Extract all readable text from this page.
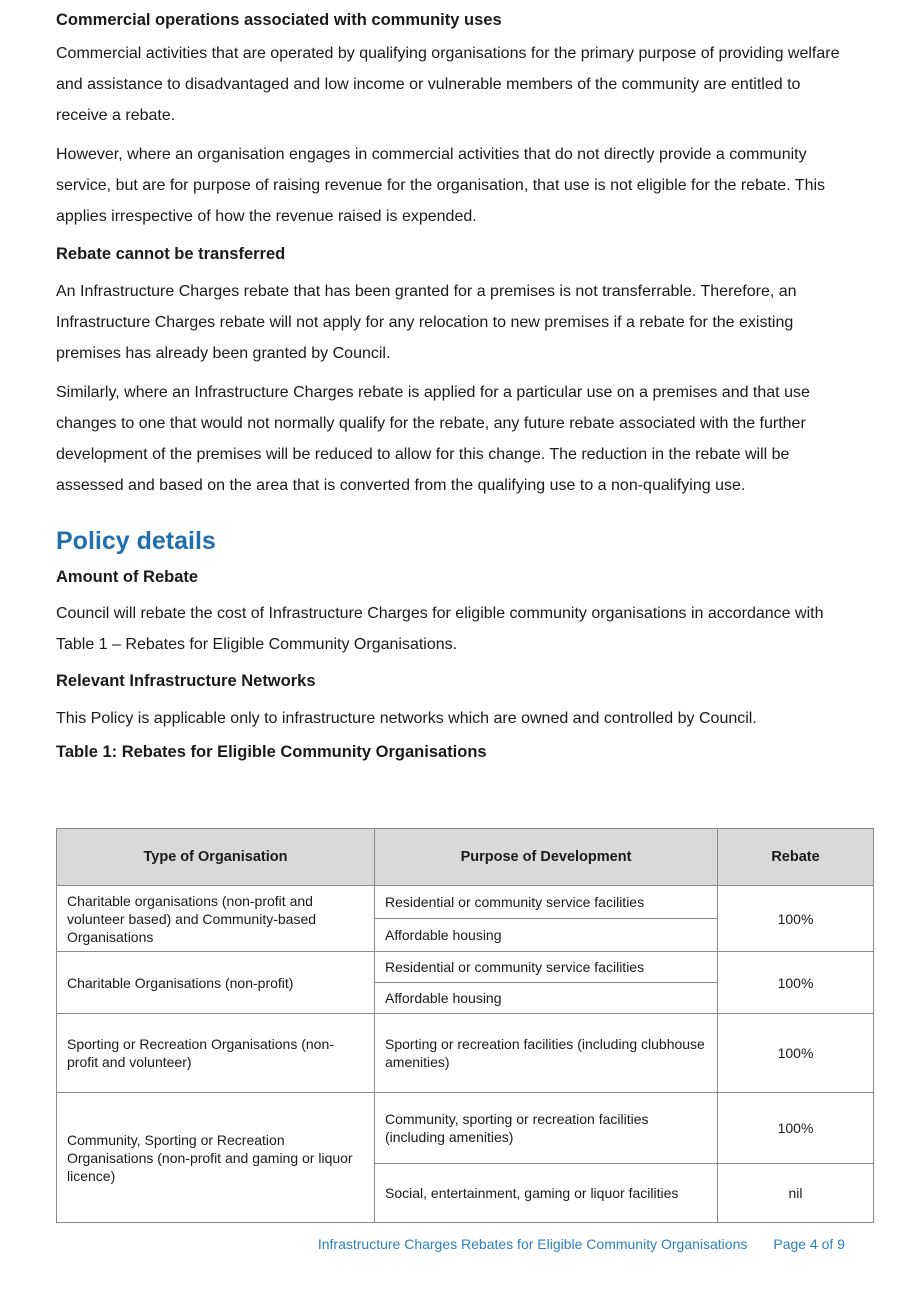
Commercial operations associated with community uses

Commercial activities that are operated by qualifying organisations for the primary purpose of providing welfare and assistance to disadvantaged and low income or vulnerable members of the community are entitled to receive a rebate.

However, where an organisation engages in commercial activities that do not directly provide a community service, but are for purpose of raising revenue for the organisation, that use is not eligible for the rebate. This applies irrespective of how the revenue raised is expended.

Rebate cannot be transferred

An Infrastructure Charges rebate that has been granted for a premises is not transferrable. Therefore, an Infrastructure Charges rebate will not apply for any relocation to new premises if a rebate for the existing premises has already been granted by Council.

Similarly, where an Infrastructure Charges rebate is applied for a particular use on a premises and that use changes to one that would not normally qualify for the rebate, any future rebate associated with the further development of the premises will be reduced to allow for this change. The reduction in the rebate will be assessed and based on the area that is converted from the qualifying use to a non-qualifying use.

Policy details
Amount of Rebate

Council will rebate the cost of Infrastructure Charges for eligible community organisations in accordance with Table 1 – Rebates for Eligible Community Organisations.

Relevant Infrastructure Networks

This Policy is applicable only to infrastructure networks which are owned and controlled by Council.

Table 1: Rebates for Eligible Community Organisations
Type of Organisation	Purpose of Development	Rebate
Charitable organisations (non-profit and volunteer based) and Community-based Organisations	Residential or community service facilities	100%
	Affordable housing	
Charitable Organisations (non-profit)	Residential or community service facilities	100%
	Affordable housing	
Sporting or Recreation Organisations (non-profit and volunteer)	Sporting or recreation facilities (including clubhouse amenities)	100%
Community, Sporting or Recreation Organisations (non-profit and gaming or liquor licence)	Community, sporting or recreation facilities (including amenities)	100%
	Social, entertainment, gaming or liquor facilities	nil
Infrastructure Charges Rebates for Eligible Community Organisations Page 4 of 9
